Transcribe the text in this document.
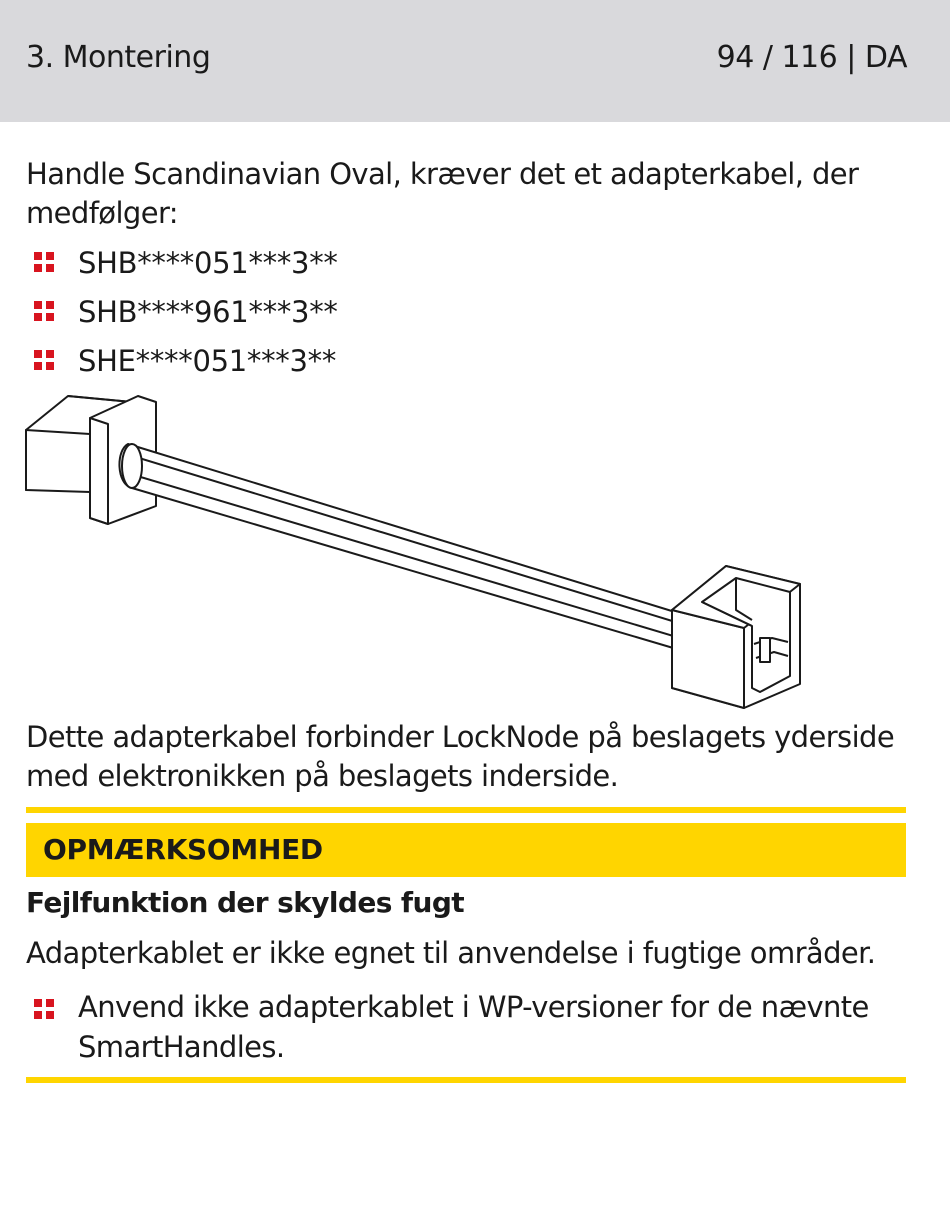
3. Montering	94 / 116 | DA
Handle Scandinavian Oval, kræver det et adapterkabel, der medfølger:
SHB****051***3**
SHB****961***3**
SHE****051***3**
Dette adapterkabel forbinder LockNode på beslagets yderside med elektronikken på beslagets inderside.
OPMÆRKSOMHED
Fejlfunktion der skyldes fugt
Adapterkablet er ikke egnet til anvendelse i fugtige områder.
Anvend ikke adapterkablet i WP-versioner for de nævnte SmartHandles.
